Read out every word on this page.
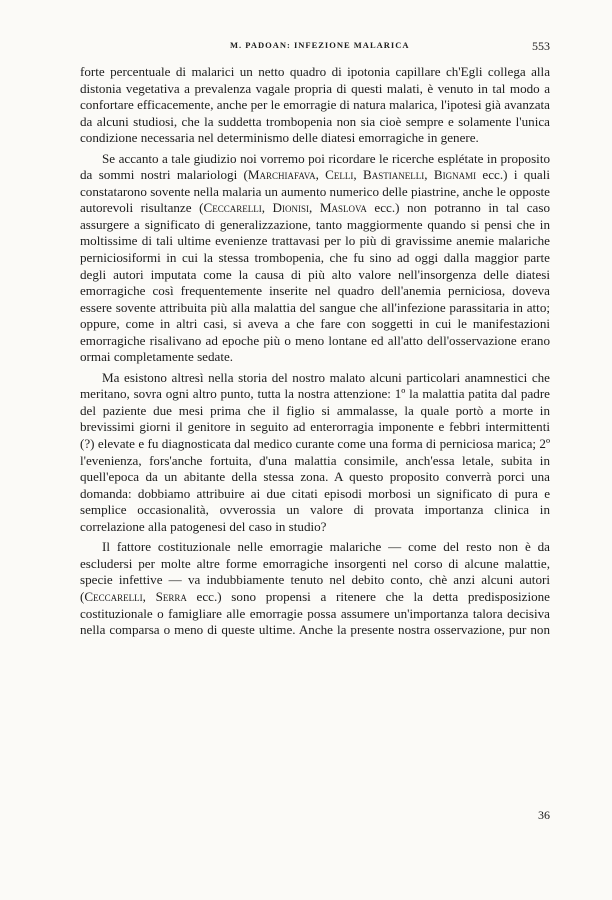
M. PADOAN: INFEZIONE MALARICA	553

forte percentuale di malarici un netto quadro di ipotonia capillare ch'Egli collega alla distonia vegetativa a prevalenza vagale propria di questi malati, è venuto in tal modo a confortare efficacemente, anche per le emorragie di natura malarica, l'ipotesi già avanzata da alcuni studiosi, che la suddetta trombopenia non sia cioè sempre e solamente l'unica condizione necessaria nel determinismo delle diatesi emorragiche in genere.

Se accanto a tale giudizio noi vorremo poi ricordare le ricerche esplétate in proposito da sommi nostri malariologi (Marchiafava, Celli, Bastianelli, Bignami ecc.) i quali constatarono sovente nella malaria un aumento numerico delle piastrine, anche le opposte autorevoli risultanze (Ceccarelli, Dionisi, Maslova ecc.) non potranno in tal caso assurgere a significato di generalizzazione, tanto maggiormente quando si pensi che in moltissime di tali ultime evenienze trattavasi per lo più di gravissime anemie malariche perniciosiformi in cui la stessa trombopenia, che fu sino ad oggi dalla maggior parte degli autori imputata come la causa di più alto valore nell'insorgenza delle diatesi emorragiche così frequentemente inserite nel quadro dell'anemia perniciosa, doveva essere sovente attribuita più alla malattia del sangue che all'infezione parassitaria in atto; oppure, come in altri casi, si aveva a che fare con soggetti in cui le manifestazioni emorragiche risalivano ad epoche più o meno lontane ed all'atto dell'osservazione erano ormai completamente sedate.

Ma esistono altresì nella storia del nostro malato alcuni particolari anamnestici che meritano, sovra ogni altro punto, tutta la nostra attenzione: 1º la malattia patita dal padre del paziente due mesi prima che il figlio si ammalasse, la quale portò a morte in brevissimi giorni il genitore in seguito ad enterorragia imponente e febbri intermittenti (?) elevate e fu diagnosticata dal medico curante come una forma di perniciosa marica; 2º l'evenienza, fors'anche fortuita, d'una malattia consimile, anch'essa letale, subita in quell'epoca da un abitante della stessa zona. A questo proposito converrà porci una domanda: dobbiamo attribuire ai due citati episodi morbosi un significato di pura e semplice occasionalità, ovverossia un valore di provata importanza clinica in correlazione alla patogenesi del caso in studio?

Il fattore costituzionale nelle emorragie malariche — come del resto non è da escludersi per molte altre forme emorragiche insorgenti nel corso di alcune malattie, specie infettive — va indubbiamente tenuto nel debito conto, chè anzi alcuni autori (Ceccarelli, Serra ecc.) sono propensi a ritenere che la detta predisposizione costituzionale o famigliare alle emorragie possa assumere un'importanza talora decisiva nella comparsa o meno di queste ultime. Anche la presente nostra osservazione, pur non

36
